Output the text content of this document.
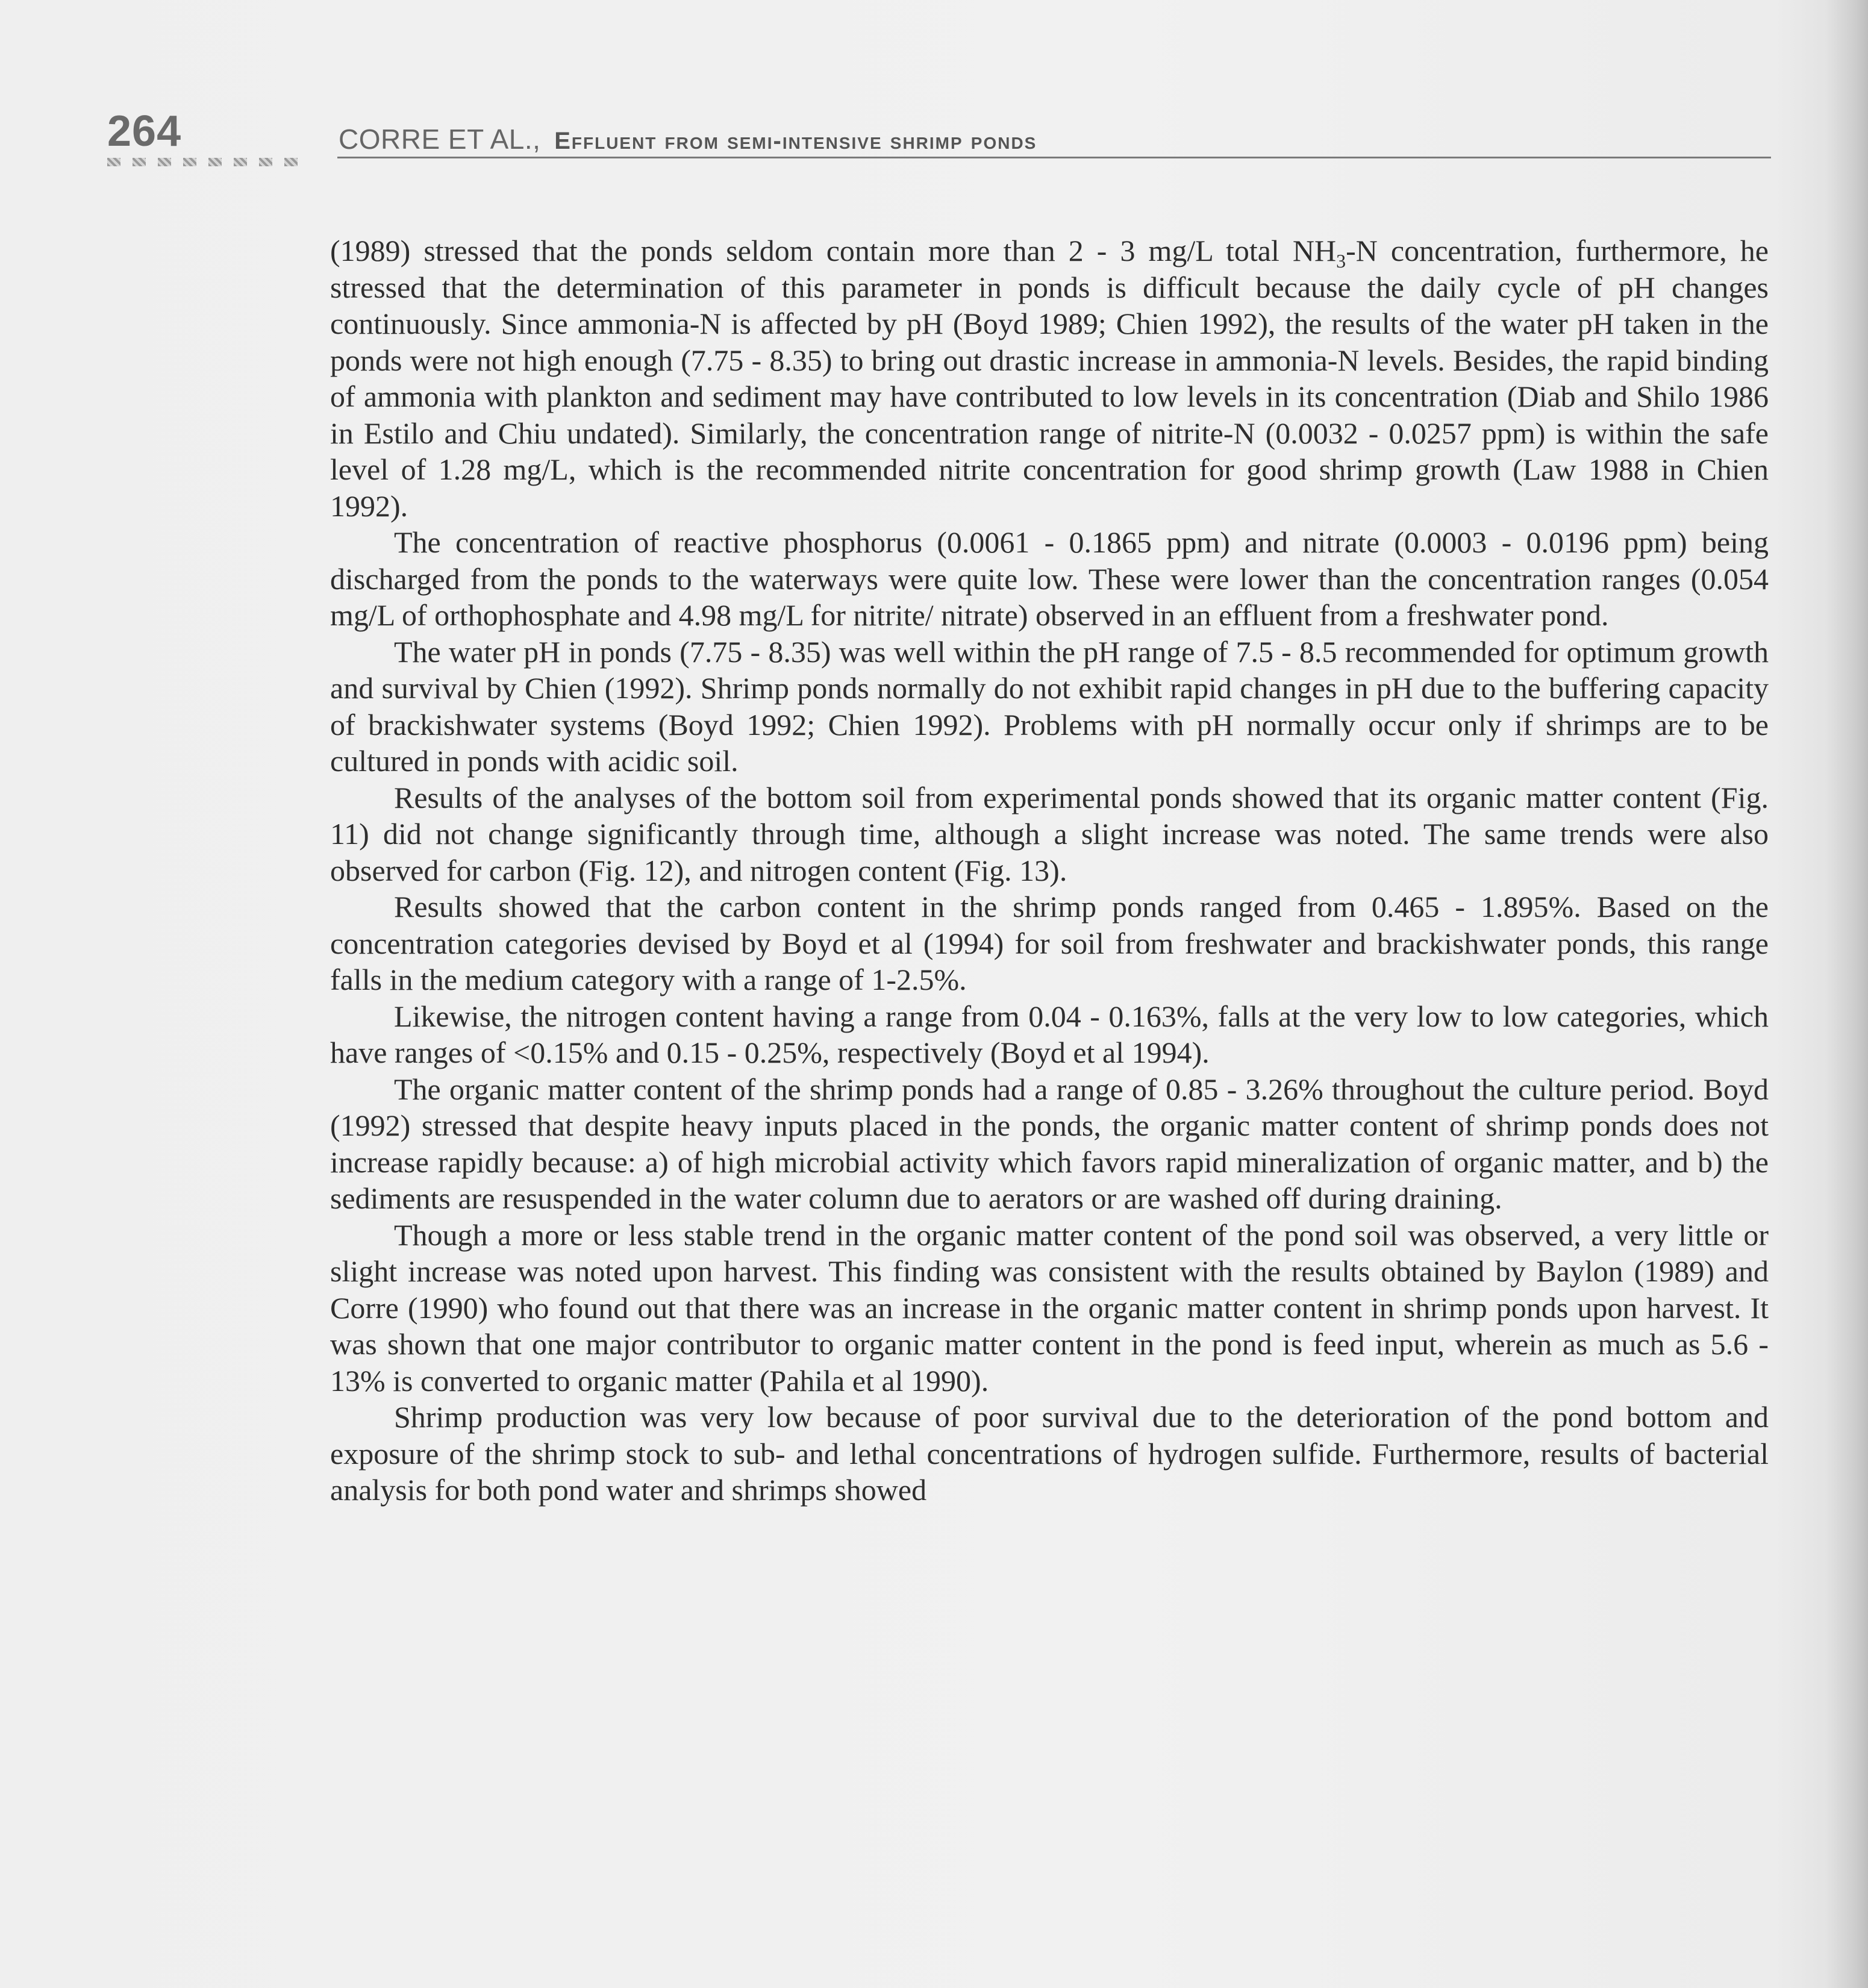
264	CORRE ET AL., Effluent from semi-intensive shrimp ponds

(1989) stressed that the ponds seldom contain more than 2 - 3 mg/L total $NH_3-N$ concentration, furthermore, he stressed that the determination of this parameter in ponds is difficult because the daily cycle of pH changes continuously. Since ammonia-N is affected by pH (Boyd 1989; Chien 1992), the results of the water pH taken in the ponds were not high enough (7.75 - 8.35) to bring out drastic increase in ammonia-N levels. Besides, the rapid binding of ammonia with plankton and sediment may have contributed to low levels in its concentration (Diab and Shilo 1986 in Estilo and Chiu undated). Similarly, the concentration range of nitrite-N (0.0032 - 0.0257 ppm) is within the safe level of 1.28 mg/L, which is the recommended nitrite concentration for good shrimp growth (Law 1988 in Chien 1992).

The concentration of reactive phosphorus (0.0061 - 0.1865 ppm) and nitrate (0.0003 - 0.0196 ppm) being discharged from the ponds to the waterways were quite low. These were lower than the concentration ranges (0.054 mg/L of orthophosphate and 4.98 mg/L for nitrite/ nitrate) observed in an effluent from a freshwater pond.

The water pH in ponds (7.75 - 8.35) was well within the pH range of 7.5 - 8.5 recommended for optimum growth and survival by Chien (1992). Shrimp ponds normally do not exhibit rapid changes in pH due to the buffering capacity of brackishwater systems (Boyd 1992; Chien 1992). Problems with pH normally occur only if shrimps are to be cultured in ponds with acidic soil.

Results of the analyses of the bottom soil from experimental ponds showed that its organic matter content (Fig. 11) did not change significantly through time, although a slight increase was noted. The same trends were also observed for carbon (Fig. 12), and nitrogen content (Fig. 13).

Results showed that the carbon content in the shrimp ponds ranged from 0.465 - 1.895%. Based on the concentration categories devised by Boyd et al (1994) for soil from freshwater and brackishwater ponds, this range falls in the medium category with a range of 1-2.5%.

Likewise, the nitrogen content having a range from 0.04 - 0.163%, falls at the very low to low categories, which have ranges of <0.15% and 0.15 - 0.25%, respectively (Boyd et al 1994).

The organic matter content of the shrimp ponds had a range of 0.85 - 3.26% throughout the culture period. Boyd (1992) stressed that despite heavy inputs placed in the ponds, the organic matter content of shrimp ponds does not increase rapidly because: a) of high microbial activity which favors rapid mineralization of organic matter, and b) the sediments are resuspended in the water column due to aerators or are washed off during draining.

Though a more or less stable trend in the organic matter content of the pond soil was observed, a very little or slight increase was noted upon harvest. This finding was consistent with the results obtained by Baylon (1989) and Corre (1990) who found out that there was an increase in the organic matter content in shrimp ponds upon harvest. It was shown that one major contributor to organic matter content in the pond is feed input, wherein as much as 5.6 - 13% is converted to organic matter (Pahila et al 1990).

Shrimp production was very low because of poor survival due to the deterioration of the pond bottom and exposure of the shrimp stock to sub- and lethal concentrations of hydrogen sulfide. Furthermore, results of bacterial analysis for both pond water and shrimps showed
